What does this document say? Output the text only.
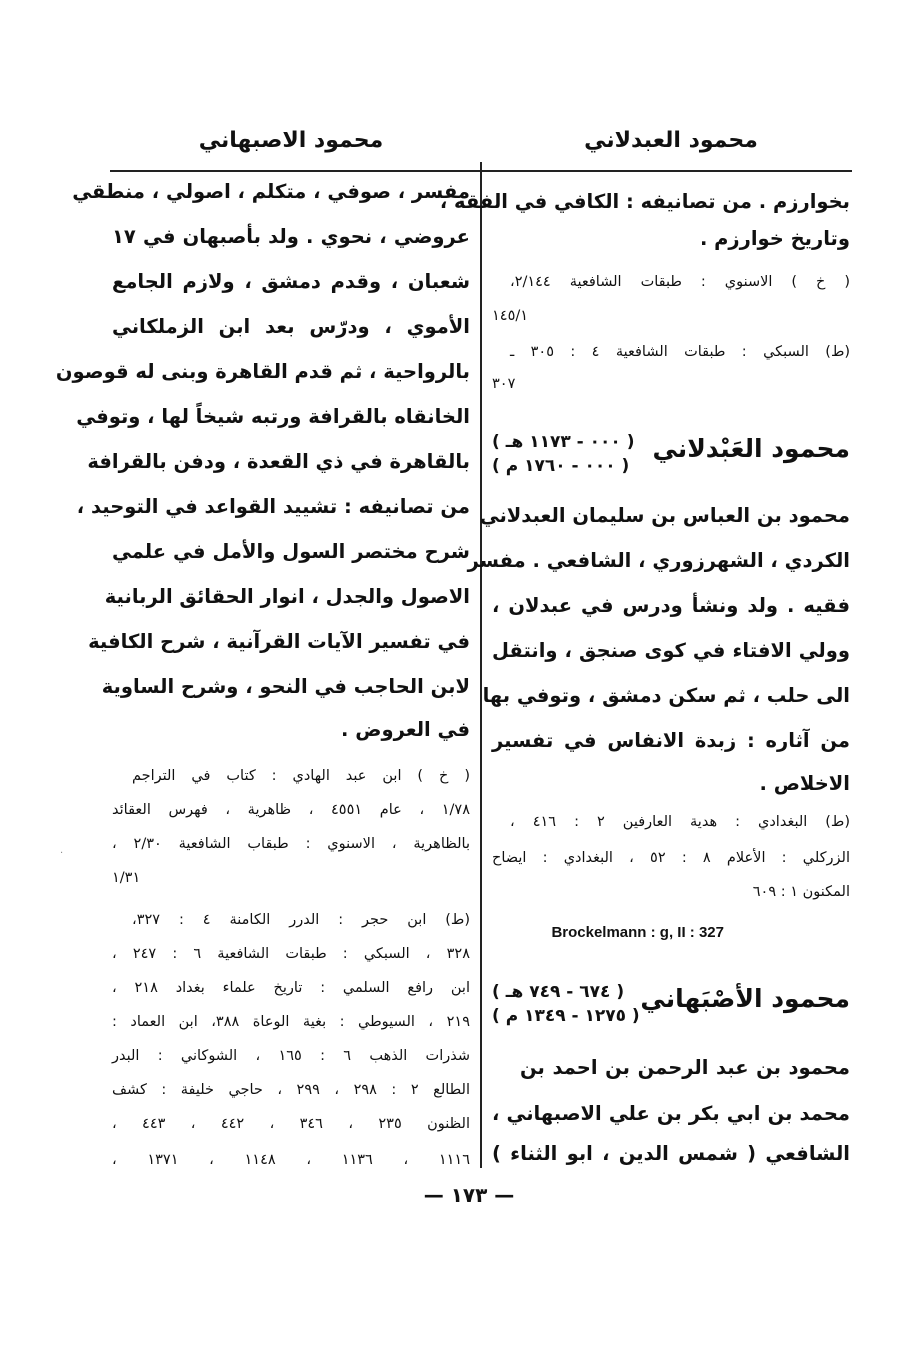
محمود العبدلاني
محمود الاصبهاني
بخوارزم . من تصانيفه : الكافي في الفقه ،
وتاريخ خوارزم .
( خ ) الاسنوي : طبقات الشافعية ٢/١٤٤،
١٤٥/١
(ط) السبكي : طبقات الشافعية ٤ : ٣٠٥ ـ
٣٠٧
محمود العَبْدلاني
( ٠٠٠ - ١١٧٣ هـ )
( ٠٠٠ - ١٧٦٠ م )
محمود بن العباس بن سليمان العبدلاني
الكردي ، الشهرزوري ، الشافعي . مفسر
فقيه . ولد ونشأ ودرس في عبدلان ،
وولي الافتاء في كوى صنجق ، وانتقل
الى حلب ، ثم سكن دمشق ، وتوفي بها
من آثاره : زبدة الانفاس في تفسير
الاخلاص .
(ط) البغدادي : هدية العارفين ٢ : ٤١٦ ،
الزركلي : الأعلام ٨ : ٥٢ ، البغدادي : ايضاح
المكنون ١ : ٦٠٩
Brockelmann : g, II : 327
محمود الأصْبَهاني
( ٦٧٤ - ٧٤٩ هـ )
( ١٢٧٥ - ١٣٤٩ م )
محمود بن عبد الرحمن بن احمد بن
محمد بن ابي بكر بن علي الاصبهاني ،
الشافعي ( شمس الدين ، ابو الثناء )
مفسر ، صوفي ، متكلم ، اصولي ، منطقي
عروضي ، نحوي . ولد بأصبهان في ١٧
شعبان ، وقدم دمشق ، ولازم الجامع
الأموي ، ودرّس بعد ابن الزملكاني
بالرواحية ، ثم قدم القاهرة وبنى له قوصون
الخانقاه بالقرافة ورتبه شيخاً لها ، وتوفي
بالقاهرة في ذي القعدة ، ودفن بالقرافة
من تصانيفه : تشييد القواعد في التوحيد ،
شرح مختصر السول والأمل في علمي
الاصول والجدل ، انوار الحقائق الربانية
في تفسير الآيات القرآنية ، شرح الكافية
لابن الحاجب في النحو ، وشرح الساوية
في العروض .
( خ ) ابن عبد الهادي : كتاب في التراجم
١/٧٨ ، عام ٤٥٥١ ، ظاهرية ، فهرس العقائد
بالظاهرية ، الاسنوي : طبقاب الشافعية ٢/٣٠ ،
١/٣١
(ط) ابن حجر : الدرر الكامنة ٤ : ٣٢٧،
٣٢٨ ، السبكي : طبقات الشافعية ٦ : ٢٤٧ ،
ابن رافع السلمي : تاريخ علماء بغداد ٢١٨ ،
٢١٩ ، السيوطي : بغية الوعاة ٣٨٨، ابن العماد :
شذرات الذهب ٦ : ١٦٥ ، الشوكاني : البدر
الطالع ٢ : ٢٩٨ ، ٢٩٩ ، حاجي خليفة : كشف
الظنون ٢٣٥ ، ٣٤٦ ، ٤٤٢ ، ٤٤٣ ،
١١١٦ ، ١١٣٦ ، ١١٤٨ ، ١٣٧١ ،
— ١٧٣ —
·
